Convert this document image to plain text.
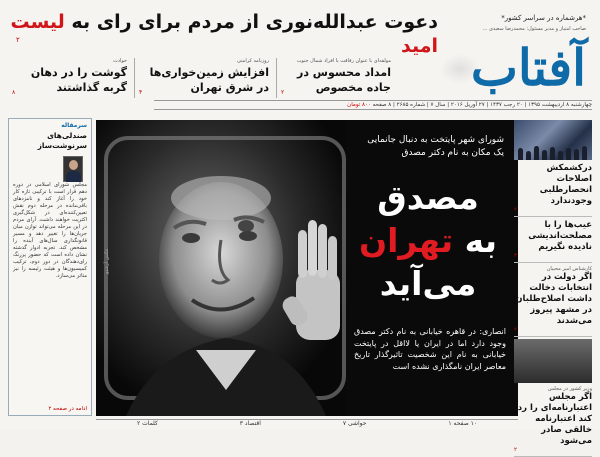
دعوت عبدالله‌نوری از مردم برای رای به لیست امید
۲
*هرشماره در سراسر کشور*
صاحب امتیاز و مدیر مسئول: محمدرضا سعیدی ...
آفتاب
مولفه‌ای با عنوان رفاقت با افراد شمال جنوب
امداد محسوس در جاده مخصوص
۲
روزنامه کرامتی
افزایش زمین‌خواری‌ها در شرق تهران
۴
حوادث
گوشت را در دهان گربه گذاشتند
۸
چهارشنبه ۸ اردیبهشت ۱۳۹۵ | ۲۰ رجب ۱۴۳۷ | ۲۷ آوریل ۲۰۱۶ | سال ۷ | شماره ۲۶۸۵ | ۸ صفحه ۸۰۰ تومان
سرمقاله
صندلی‌های سرنوشت‌ساز
مجلس شورای اسلامی در دوره دهم قرار است با ترکیبی تازه کار خود را آغاز کند و نامزدهای باقی‌مانده در مرحله دوم نقش تعیین‌کننده‌ای در شکل‌گیری اکثریت خواهند داشت. آرای مردم در این مرحله می‌تواند توازن میان جریان‌ها را تغییر دهد و مسیر قانونگذاری سال‌های آینده را مشخص کند. تجربه ادوار گذشته نشان داده است که حضور پررنگ رای‌دهندگان در دور دوم، ترکیب کمیسیون‌ها و هیئت رئیسه را نیز متاثر می‌سازد.
ادامه در صفحه ۲
عکس آرشیو
شورای شهر پایتخت به دنبال جانمایی یک مکان به نام دکتر مصدق
مصدق
به تهران
می‌آید
انصاری: در قاهره خیابانی به نام دکتر مصدق وجود دارد اما در ایران یا لااقل در پایتخت خیابانی به نام این شخصیت تاثیرگذار تاریخ معاصر ایران نامگذاری نشده است
درکشمکش اصلاحات انحصارطلبی وجودندارد
۲
عیب‌ها را با مصلحت‌اندیشی نادیده نگیریم
۳
کارشناس امیر محبیان
اگر دولت در انتخابات دخالت داشت اصلاح‌طلبان در مشهد پیروز می‌شدند
۲
وزیر کشور در مجلس
اگر مجلس اعتبارنامه‌ای را رد کند اعتبارنامه خالقی صادر می‌شود
۲
۱۰ صفحه ۱
حواشی ۷
اقتصاد ۳
کلمات ۲
